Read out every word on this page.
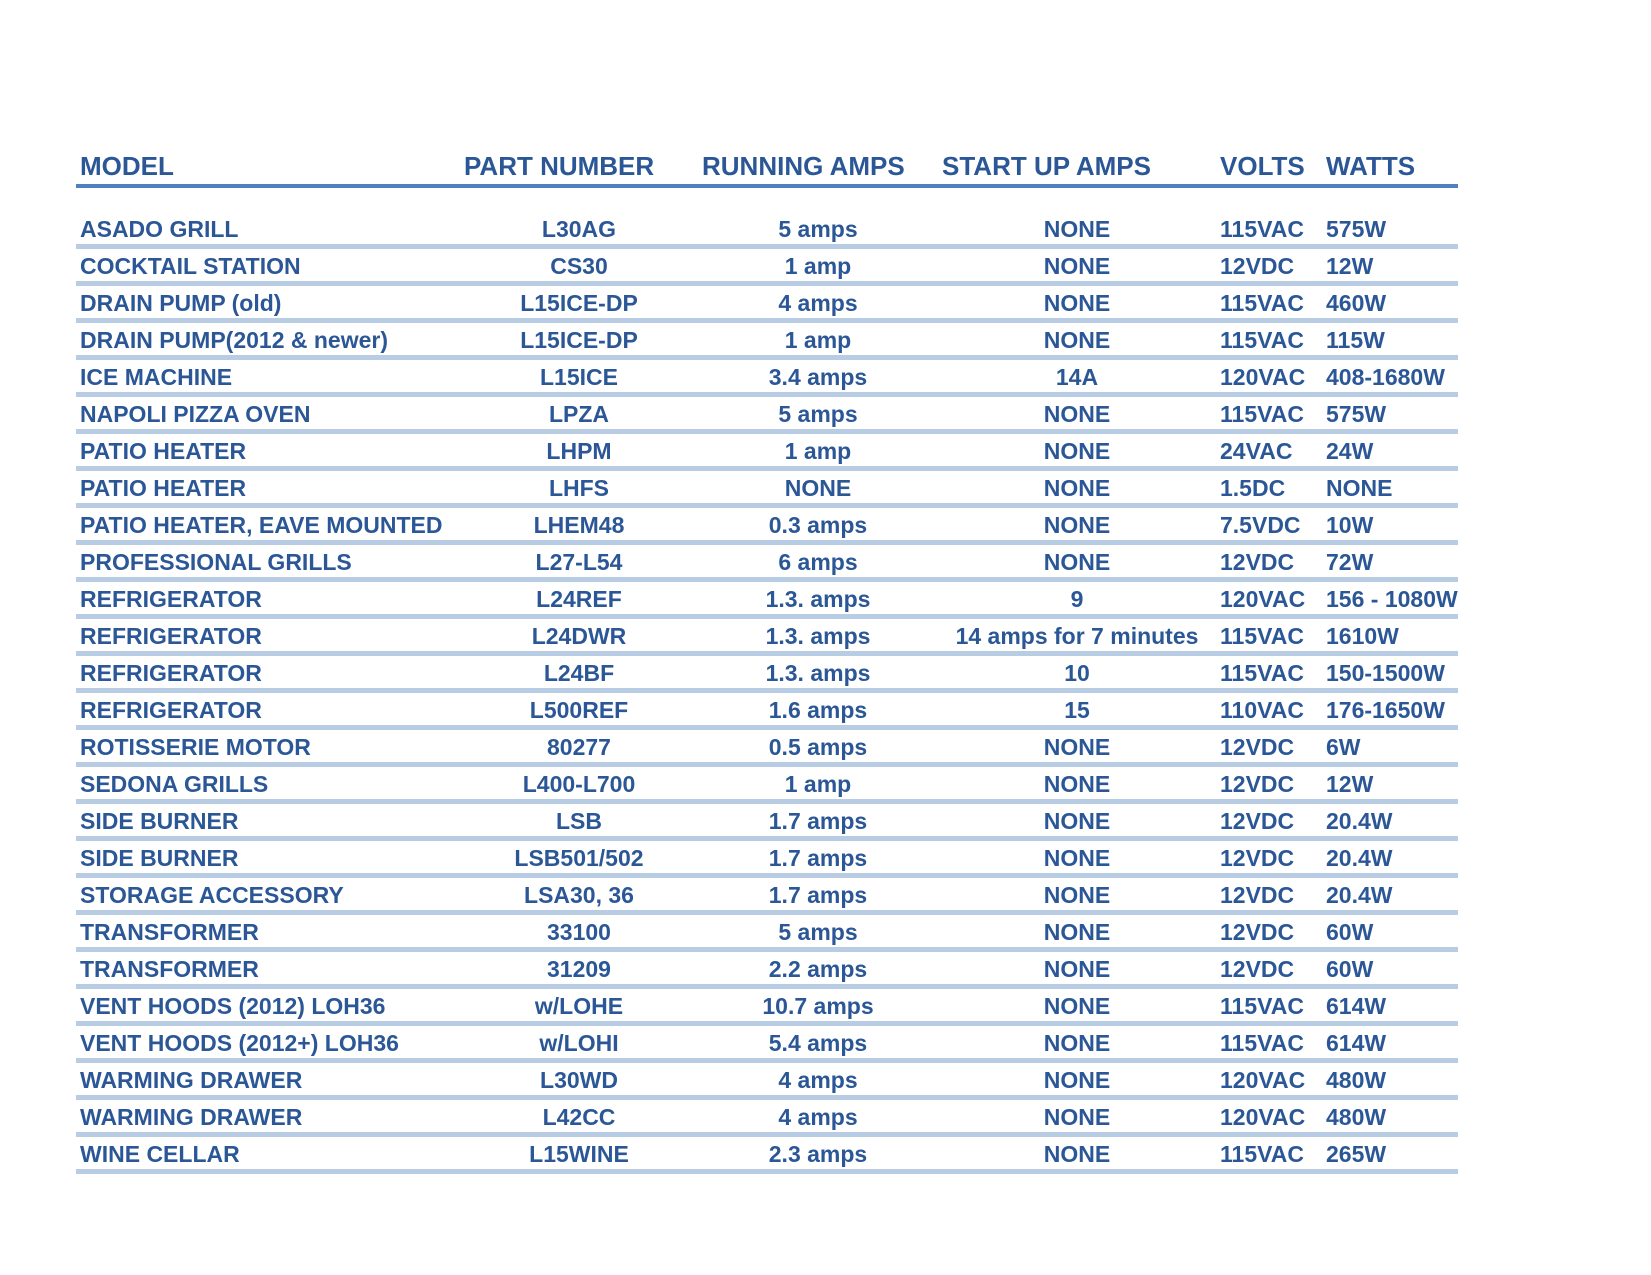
MODEL	PART NUMBER	RUNNING AMPS	START UP AMPS	VOLTS	WATTS

ASADO GRILL	L30AG	5 amps	NONE	115VAC	575W
COCKTAIL STATION	CS30	1 amp	NONE	12VDC	12W
DRAIN PUMP (old)	L15ICE-DP	4 amps	NONE	115VAC	460W
DRAIN PUMP(2012 & newer)	L15ICE-DP	1 amp	NONE	115VAC	115W
ICE MACHINE	L15ICE	3.4 amps	14A	120VAC	408-1680W
NAPOLI PIZZA OVEN	LPZA	5 amps	NONE	115VAC	575W
PATIO HEATER	LHPM	1 amp	NONE	24VAC	24W
PATIO HEATER	LHFS	NONE	NONE	1.5DC	NONE
PATIO HEATER, EAVE MOUNTED	LHEM48	0.3 amps	NONE	7.5VDC	10W
PROFESSIONAL GRILLS	L27-L54	6 amps	NONE	12VDC	72W
REFRIGERATOR	L24REF	1.3. amps	9	120VAC	156 - 1080W
REFRIGERATOR	L24DWR	1.3. amps	14 amps for 7 minutes	115VAC	1610W
REFRIGERATOR	L24BF	1.3. amps	10	115VAC	150-1500W
REFRIGERATOR	L500REF	1.6 amps	15	110VAC	176-1650W
ROTISSERIE MOTOR	80277	0.5 amps	NONE	12VDC	6W
SEDONA GRILLS	L400-L700	1 amp	NONE	12VDC	12W
SIDE BURNER	LSB	1.7 amps	NONE	12VDC	20.4W
SIDE BURNER	LSB501/502	1.7 amps	NONE	12VDC	20.4W
STORAGE ACCESSORY	LSA30, 36	1.7 amps	NONE	12VDC	20.4W
TRANSFORMER	33100	5 amps	NONE	12VDC	60W
TRANSFORMER	31209	2.2 amps	NONE	12VDC	60W
VENT HOODS (2012) LOH36	w/LOHE	10.7 amps	NONE	115VAC	614W
VENT HOODS (2012+) LOH36	w/LOHI	5.4 amps	NONE	115VAC	614W
WARMING DRAWER	L30WD	4 amps	NONE	120VAC	480W
WARMING DRAWER	L42CC	4 amps	NONE	120VAC	480W
WINE CELLAR	L15WINE	2.3 amps	NONE	115VAC	265W
